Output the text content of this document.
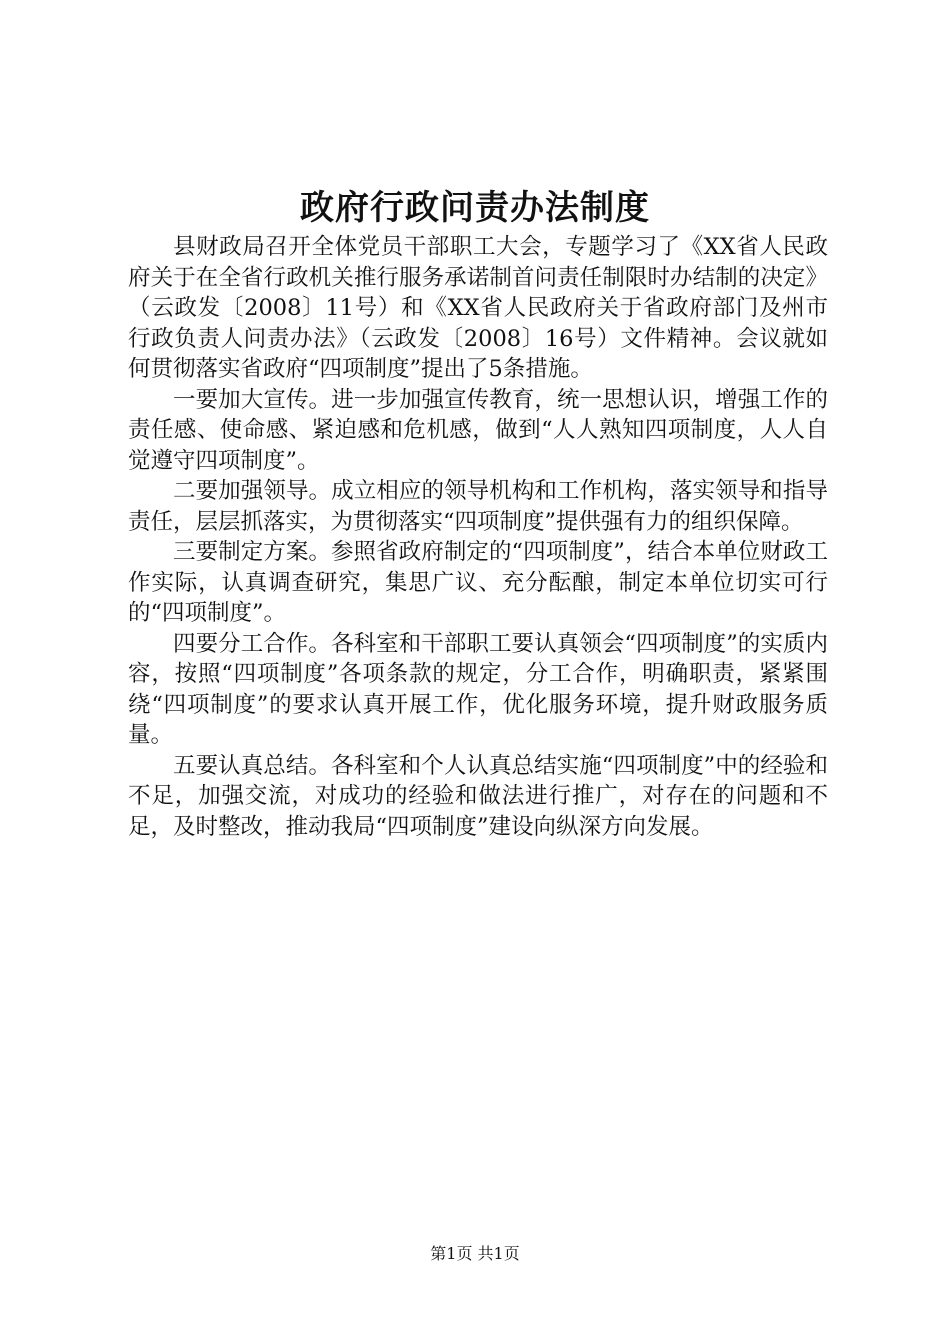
政府行政问责办法制度

县财政局召开全体党员干部职工大会，专题学习了《XX省人民政府关于在全省行政机关推行服务承诺制首问责任制限时办结制的决定》（云政发〔2008〕11号）和《XX省人民政府关于省政府部门及州市行政负责人问责办法》（云政发〔2008〕16号）文件精神。会议就如何贯彻落实省政府“四项制度”提出了5条措施。

一要加大宣传。进一步加强宣传教育，统一思想认识，增强工作的责任感、使命感、紧迫感和危机感，做到“人人熟知四项制度，人人自觉遵守四项制度”。

二要加强领导。成立相应的领导机构和工作机构，落实领导和指导责任，层层抓落实，为贯彻落实“四项制度”提供强有力的组织保障。

三要制定方案。参照省政府制定的“四项制度”，结合本单位财政工作实际，认真调查研究，集思广议、充分酝酿，制定本单位切实可行的“四项制度”。

四要分工合作。各科室和干部职工要认真领会“四项制度”的实质内容，按照“四项制度”各项条款的规定，分工合作，明确职责，紧紧围绕“四项制度”的要求认真开展工作，优化服务环境，提升财政服务质量。

五要认真总结。各科室和个人认真总结实施“四项制度”中的经验和不足，加强交流，对成功的经验和做法进行推广，对存在的问题和不足，及时整改，推动我局“四项制度”建设向纵深方向发展。

第1页 共1页
